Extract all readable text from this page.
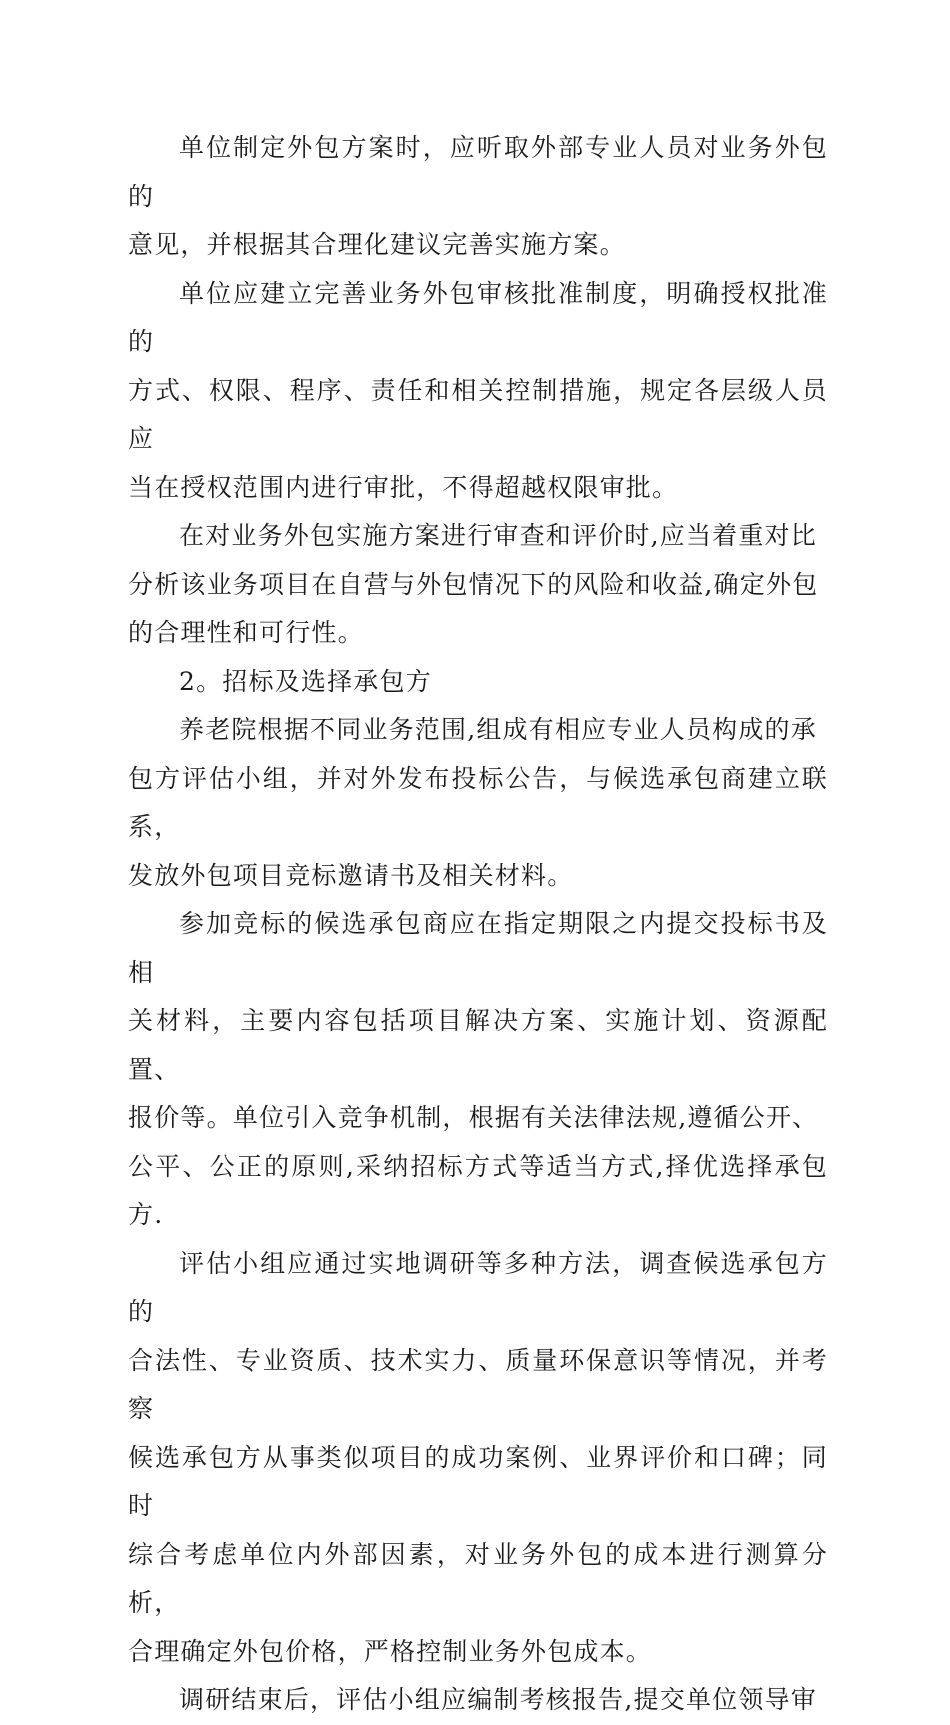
单位制定外包方案时，应听取外部专业人员对业务外包的
意见，并根据其合理化建议完善实施方案。

单位应建立完善业务外包审核批准制度，明确授权批准的
方式、权限、程序、责任和相关控制措施，规定各层级人员应
当在授权范围内进行审批，不得超越权限审批。

在对业务外包实施方案进行审查和评价时,应当着重对比
分析该业务项目在自营与外包情况下的风险和收益,确定外包
的合理性和可行性。

2。招标及选择承包方

养老院根据不同业务范围,组成有相应专业人员构成的承
包方评估小组，并对外发布投标公告，与候选承包商建立联系，
发放外包项目竞标邀请书及相关材料。

参加竞标的候选承包商应在指定期限之内提交投标书及相
关材料，主要内容包括项目解决方案、实施计划、资源配置、
报价等。单位引入竞争机制，根据有关法律法规,遵循公开、
公平、公正的原则,采纳招标方式等适当方式,择优选择承包方.

评估小组应通过实地调研等多种方法，调查候选承包方的
合法性、专业资质、技术实力、质量环保意识等情况，并考察
候选承包方从事类似项目的成功案例、业界评价和口碑；同时
综合考虑单位内外部因素，对业务外包的成本进行测算分析，
合理确定外包价格，严格控制业务外包成本。

调研结束后，评估小组应编制考核报告,提交单位领导审
